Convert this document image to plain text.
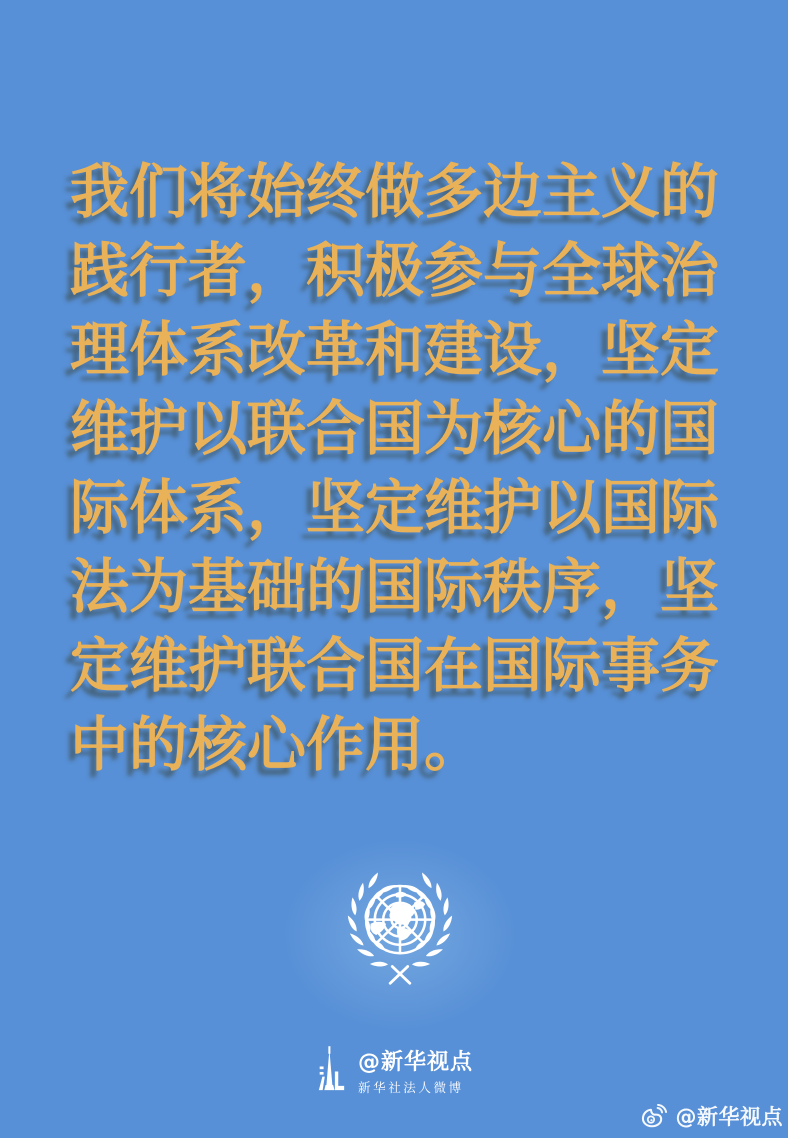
我们将始终做多边主义的
践行者，积极参与全球治
理体系改革和建设，坚定
维护以联合国为核心的国
际体系，坚定维护以国际
法为基础的国际秩序，坚
定维护联合国在国际事务
中的核心作用。
@新华视点
新华社法人微博
@新华视点
